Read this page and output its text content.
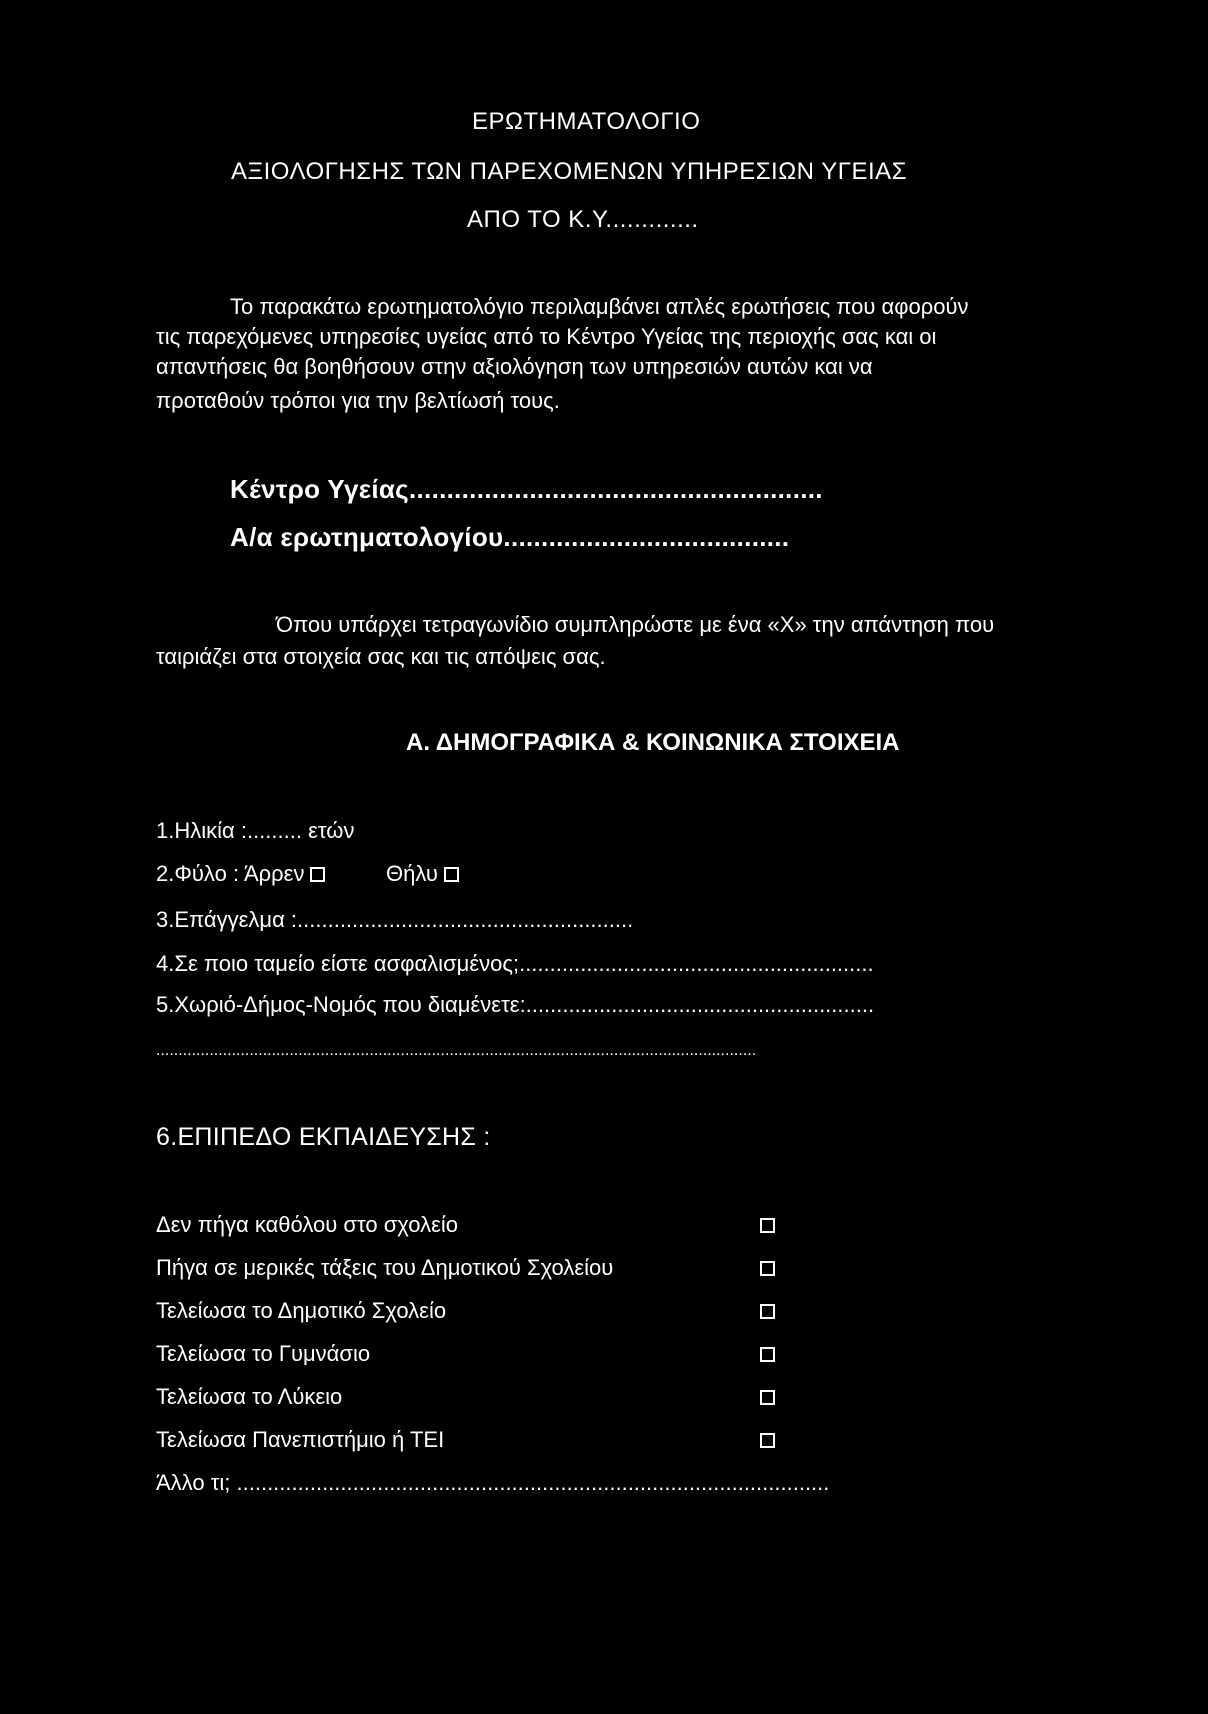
ΕΡΩΤΗΜΑΤΟΛΟΓΙΟ
ΑΞΙΟΛΟΓΗΣΗΣ ΤΩΝ ΠΑΡΕΧΟΜΕΝΩΝ ΥΠΗΡΕΣΙΩΝ ΥΓΕΙΑΣ
ΑΠΟ ΤΟ Κ.Υ.............
Το παρακάτω ερωτηματολόγιο περιλαμβάνει απλές ερωτήσεις που αφορούν
τις παρεχόμενες υπηρεσίες υγείας από το Κέντρο Υγείας της περιοχής σας και οι
απαντήσεις θα βοηθήσουν στην αξιολόγηση των υπηρεσιών αυτών και να
προταθούν τρόποι για την βελτίωσή τους.
Κέντρο Υγείας.......................................................
Α/α ερωτηματολογίου......................................
Όπου υπάρχει τετραγωνίδιο συμπληρώστε με ένα «Χ» την απάντηση που
ταιριάζει στα στοιχεία σας και τις απόψεις σας.
Α. ΔΗΜΟΓΡΑΦΙΚΑ & ΚΟΙΝΩΝΙΚΑ ΣΤΟΙΧΕΙΑ
1.Ηλικία :......... ετών
2.Φύλο : Άρρεν	Θήλυ
3.Επάγγελμα :.......................................................
4.Σε ποιο ταμείο είστε ασφαλισμένος;..........................................................
5.Χωριό-Δήμος-Νομός που διαμένετε:.........................................................
.......................................................................................................................................
6.ΕΠΙΠΕΔΟ ΕΚΠΑΙΔΕΥΣΗΣ :
Δεν πήγα καθόλου στο σχολείο
Πήγα σε μερικές τάξεις του Δημοτικού Σχολείου
Τελείωσα το Δημοτικό Σχολείο
Τελείωσα το Γυμνάσιο
Τελείωσα το Λύκειο
Τελείωσα Πανεπιστήμιο ή ΤΕΙ
Άλλο τι; .................................................................................................
